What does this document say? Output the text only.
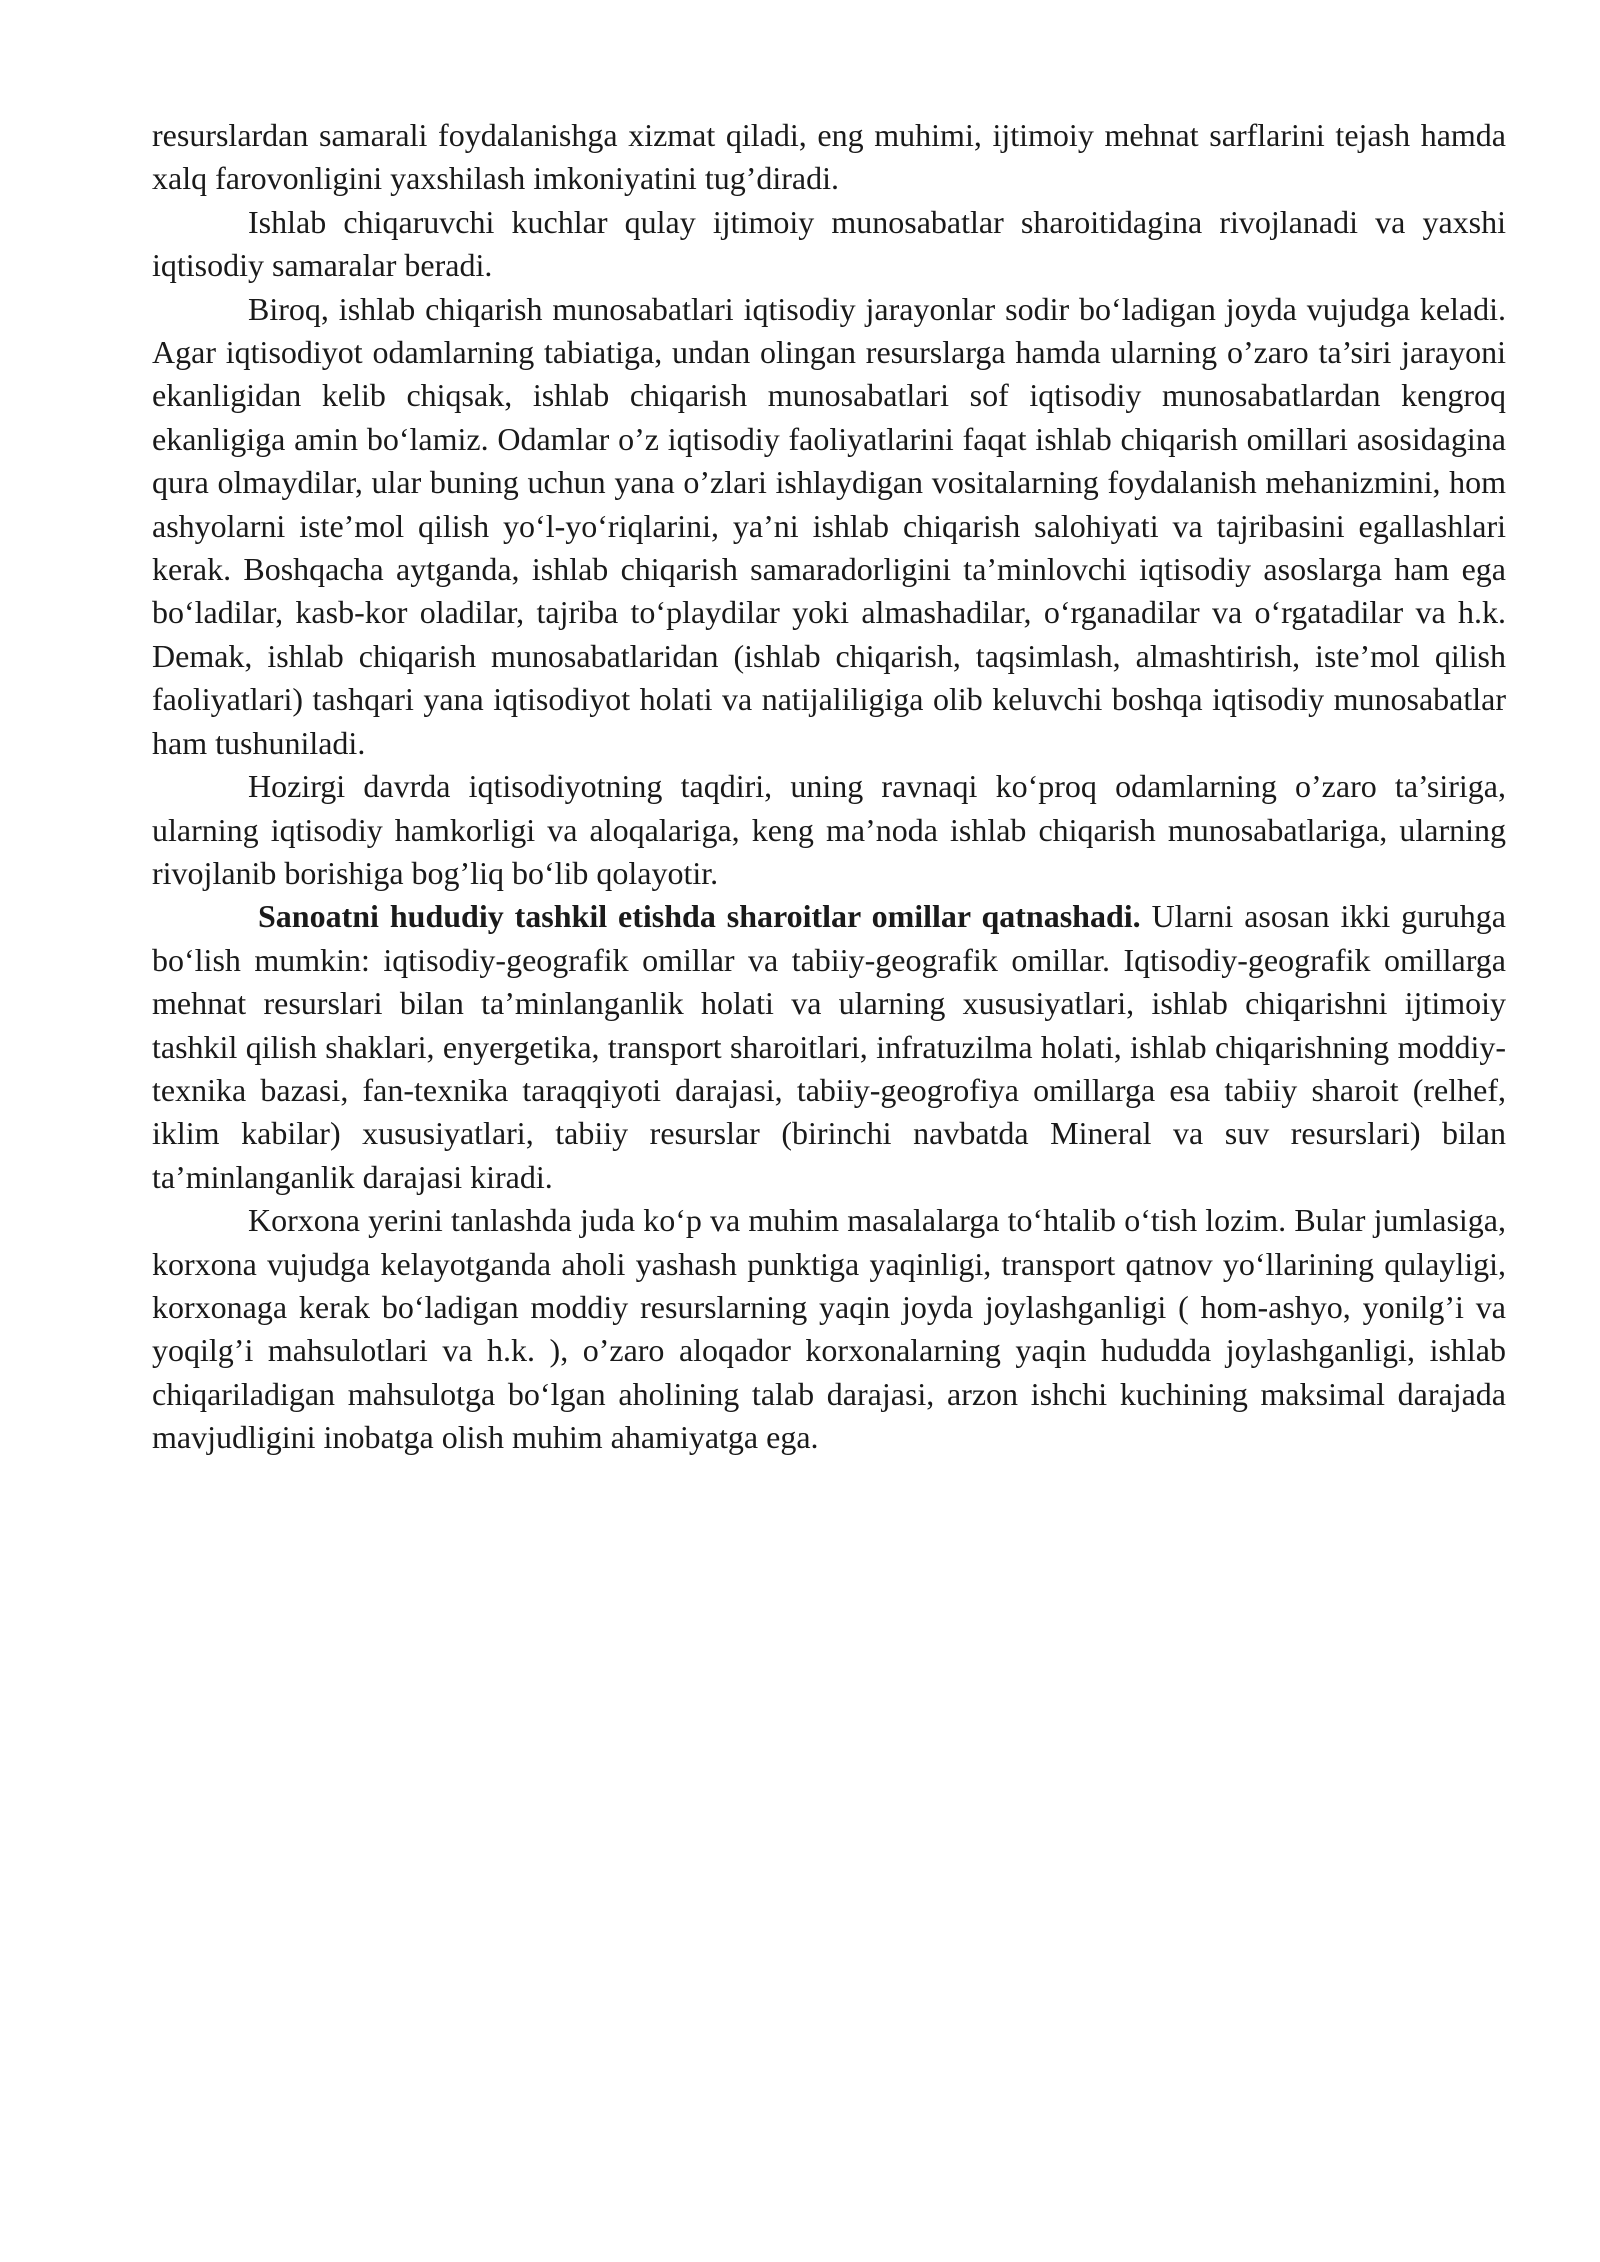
resurslardan samarali foydalanishga xizmat qiladi, eng muhimi, ijtimoiy mehnat sarflarini tejash hamda xalq farovonligini yaxshilash imkoniyatini tug’diradi.

Ishlab chiqaruvchi kuchlar qulay ijtimoiy munosabatlar sharoitidagina rivojlanadi va yaxshi iqtisodiy samaralar beradi.

Biroq, ishlab chiqarish munosabatlari iqtisodiy jarayonlar sodir bo‘ladigan joyda vujudga keladi. Agar iqtisodiyot odamlarning tabiatiga, undan olingan resurslarga hamda ularning o’zaro ta’siri jarayoni ekanligidan kelib chiqsak, ishlab chiqarish munosabatlari sof iqtisodiy munosabatlardan kengroq ekanligiga amin bo‘lamiz. Odamlar o’z iqtisodiy faoliyatlarini faqat ishlab chiqarish omillari asosidagina qura olmaydilar, ular buning uchun yana o’zlari ishlaydigan vositalarning foydalanish mehanizmini, hom ashyolarni iste’mol qilish yo‘l-yo‘riqlarini, ya’ni ishlab chiqarish salohiyati va tajribasini egallashlari kerak. Boshqacha aytganda, ishlab chiqarish samaradorligini ta’minlovchi iqtisodiy asoslarga ham ega bo‘ladilar, kasb-kor oladilar, tajriba to‘playdilar yoki almashadilar, o‘rganadilar va o‘rgatadilar va h.k. Demak, ishlab chiqarish munosabatlaridan (ishlab chiqarish, taqsimlash, almashtirish, iste’mol qilish faoliyatlari) tashqari yana iqtisodiyot holati va natijaliligiga olib keluvchi boshqa iqtisodiy munosabatlar ham tushuniladi.

Hozirgi davrda iqtisodiyotning taqdiri, uning ravnaqi ko‘proq odamlarning o’zaro ta’siriga, ularning iqtisodiy hamkorligi va aloqalariga, keng ma’noda ishlab chiqarish munosabatlariga, ularning rivojlanib borishiga bog’liq bo‘lib qolayotir.

Sanoatni hududiy tashkil etishda sharoitlar omillar qatnashadi. Ularni asosan ikki guruhga bo‘lish mumkin: iqtisodiy-geografik omillar va tabiiy-geografik omillar. Iqtisodiy-geografik omillarga mehnat resurslari bilan ta’minlanganlik holati va ularning xususiyatlari, ishlab chiqarishni ijtimoiy tashkil qilish shaklari, enyergetika, transport sharoitlari, infratuzilma holati, ishlab chiqarishning moddiy-texnika bazasi, fan-texnika taraqqiyoti darajasi, tabiiy-geogrofiya omillarga esa tabiiy sharoit (relhef, iklim kabilar) xususiyatlari, tabiiy resurslar (birinchi navbatda Mineral va suv resurslari) bilan ta’minlanganlik darajasi kiradi.

Korxona yerini tanlashda juda ko‘p va muhim masalalarga to‘htalib o‘tish lozim. Bular jumlasiga, korxona vujudga kelayotganda aholi yashash punktiga yaqinligi, transport qatnov yo‘llarining qulayligi, korxonaga kerak bo‘ladigan moddiy resurslarning yaqin joyda joylashganligi ( hom-ashyo, yonilg’i va yoqilg’i mahsulotlari va h.k. ), o’zaro aloqador korxonalarning yaqin hududda joylashganligi, ishlab chiqariladigan mahsulotga bo‘lgan aholining talab darajasi, arzon ishchi kuchining maksimal darajada mavjudligini inobatga olish muhim ahamiyatga ega.
